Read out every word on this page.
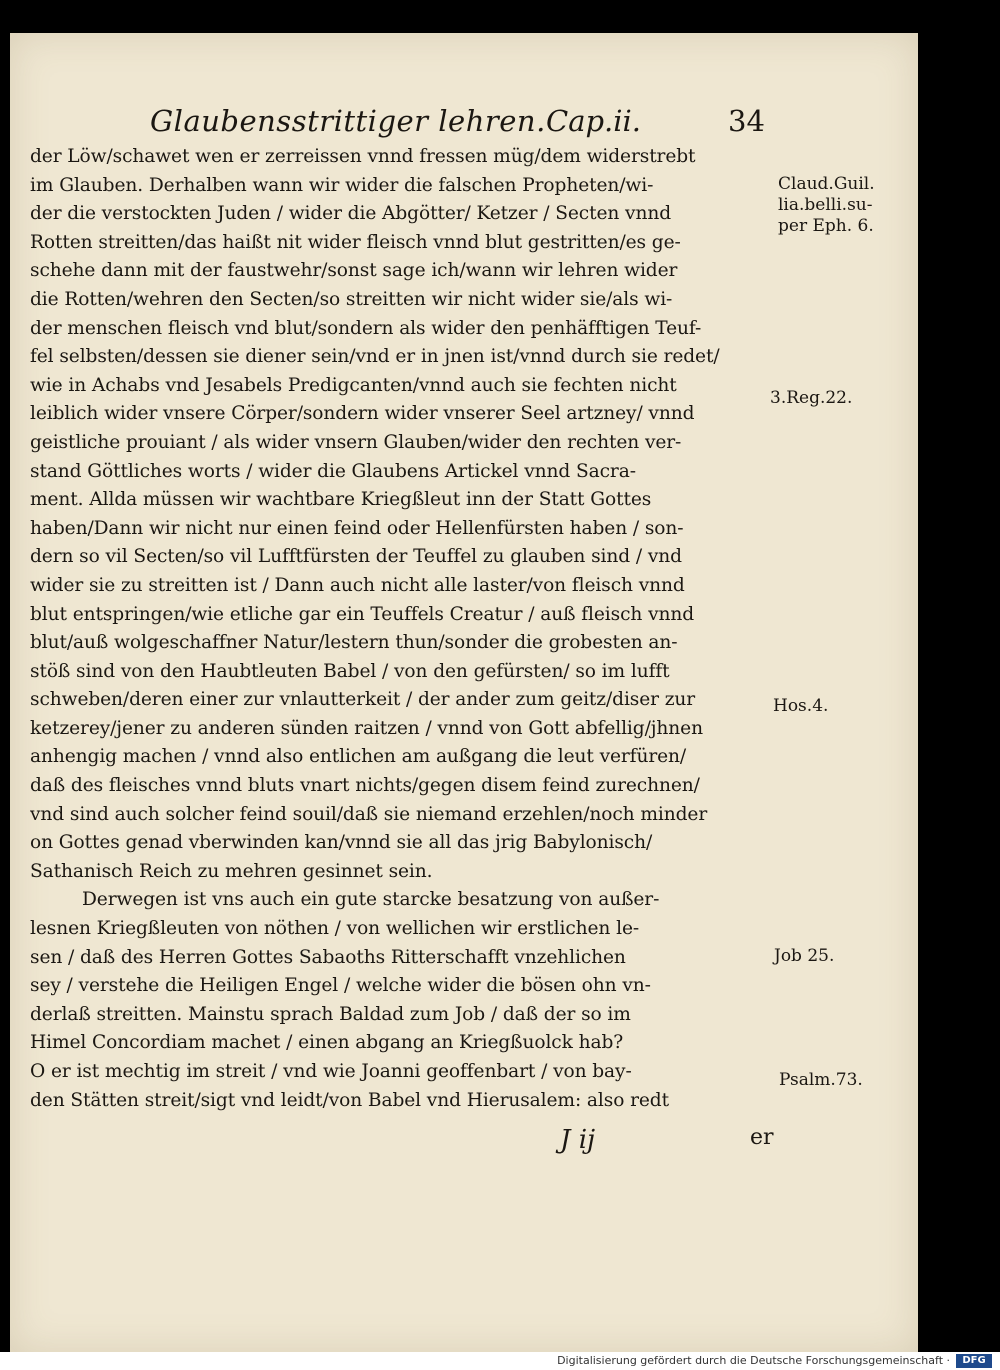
Glaubensstrittiger lehren. Cap.ii.	34
der Löw/schawet wen er zerreissen vnnd fressen müg/dem widerstrebt
im Glauben. Derhalben wann wir wider die falschen Propheten/wi-
der die verstockten Juden / wider die Abgötter/ Ketzer / Secten vnnd
Rotten streitten/das haißt nit wider fleisch vnnd blut gestritten/es ge-
schehe dann mit der faustwehr/sonst sage ich/wann wir lehren wider
die Rotten/wehren den Secten/so streitten wir nicht wider sie/als wi-
der menschen fleisch vnd blut/sondern als wider den penhäfftigen Teuf-
fel selbsten/dessen sie diener sein/vnd er in jnen ist/vnnd durch sie redet/
wie in Achabs vnd Jesabels Predigcanten/vnnd auch sie fechten nicht
leiblich wider vnsere Cörper/sondern wider vnserer Seel artzney/ vnnd
geistliche prouiant / als wider vnsern Glauben/wider den rechten ver-
stand Göttliches worts / wider die Glaubens Artickel vnnd Sacra-
ment. Allda müssen wir wachtbare Kriegßleut inn der Statt Gottes
haben/Dann wir nicht nur einen feind oder Hellenfürsten haben / son-
dern so vil Secten/so vil Lufftfürsten der Teuffel zu glauben sind / vnd
wider sie zu streitten ist / Dann auch nicht alle laster/von fleisch vnnd
blut entspringen/wie etliche gar ein Teuffels Creatur / auß fleisch vnnd
blut/auß wolgeschaffner Natur/lestern thun/sonder die grobesten an-
stöß sind von den Haubtleuten Babel / von den gefürsten/ so im lufft
schweben/deren einer zur vnlautterkeit / der ander zum geitz/diser zur
ketzerey/jener zu anderen sünden raitzen / vnnd von Gott abfellig/jhnen
anhengig machen / vnnd also entlichen am außgang die leut verfüren/
daß des fleisches vnnd bluts vnart nichts/gegen disem feind zurechnen/
vnd sind auch solcher feind souil/daß sie niemand erzehlen/noch minder
on Gottes genad vberwinden kan/vnnd sie all das jrig Babylonisch/
Sathanisch Reich zu mehren gesinnet sein.
Derwegen ist vns auch ein gute starcke besatzung von außer-
lesnen Kriegßleuten von nöthen / von wellichen wir erstlichen le-
sen / daß des Herren Gottes Sabaoths Ritterschafft vnzehlichen
sey / verstehe die Heiligen Engel / welche wider die bösen ohn vn-
derlaß streitten. Mainstu sprach Baldad zum Job / daß der so im
Himel Concordiam machet / einen abgang an Kriegßuolck hab?
O er ist mechtig im streit / vnd wie Joanni geoffenbart / von bay-
den Stätten streit/sigt vnd leidt/von Babel vnd Hierusalem: also redt
Claud.Guil.
lia.belli.su-
per Eph. 6.
3.Reg.22.
Hos.4.
Job 25.
Psalm.73.
J ij	er
Digitalisierung gefördert durch die Deutsche Forschungsgemeinschaft ·	DFG
